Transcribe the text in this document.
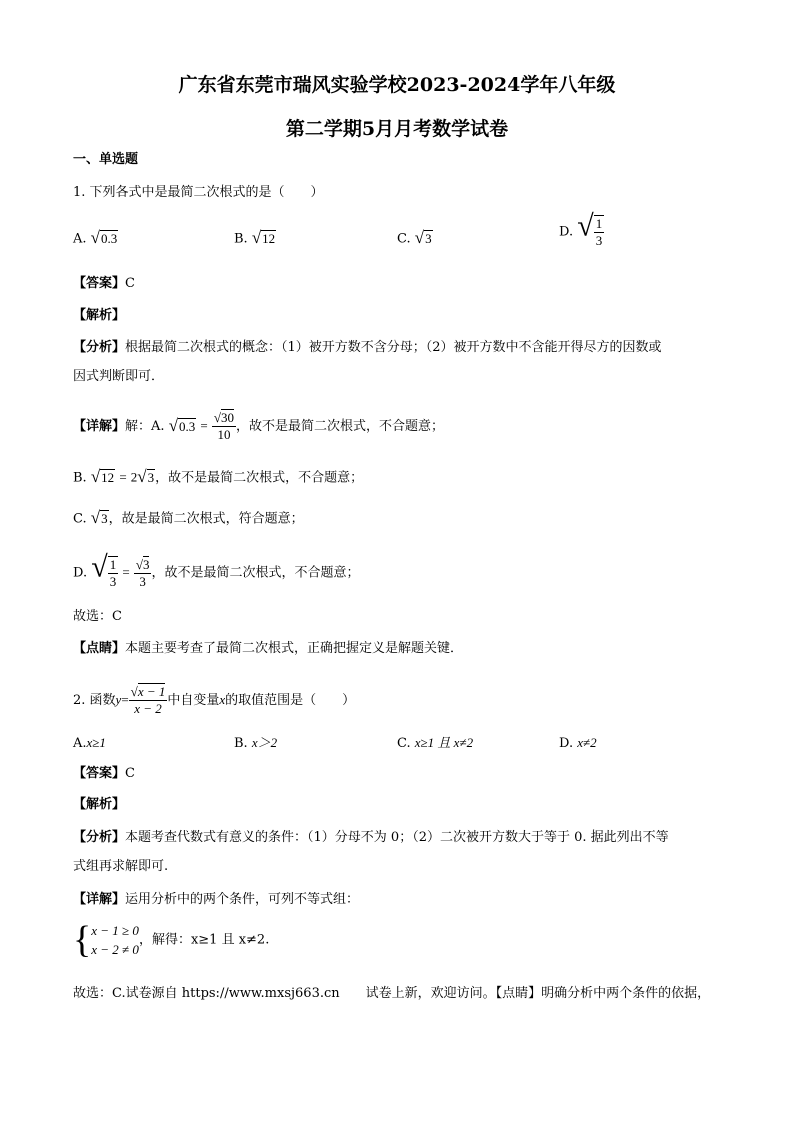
广东省东莞市瑞风实验学校2023-2024学年八年级
第二学期5月月考数学试卷
一、单选题
1. 下列各式中是最简二次根式的是（　　）
A. √0.3	B. √12	C. √3	D. √ $\frac{1}{3}$
【答案】C
【解析】
【分析】根据最简二次根式的概念：（1）被开方数不含分母；（2）被开方数中不含能开得尽方的因数或
因式判断即可．
【详解】解：A. $√0.3 = \frac{√30}{10}$ ，故不是最简二次根式，不合题意；
B. √12 = 2√3，故不是最简二次根式，不合题意；
C. √3，故是最简二次根式，符合题意；
D. √ $\frac{1}{3} = \frac{√3}{3}$ ，故不是最简二次根式，不合题意；
故选：C
【点睛】本题主要考查了最简二次根式，正确把握定义是解题关键．
2. 函数$y= \frac{√x - 1}{x - 2}$ 中自变量x的取值范围是（　　）
A.x≥1	B. x＞2	C. x≥1 且 x≠2	D. x≠2
【答案】C
【解析】
【分析】本题考查代数式有意义的条件：（1）分母不为 0；（2）二次被开方数大于等于 0. 据此列出不等
式组再求解即可.
【详解】运用分析中的两个条件，可列不等式组：
{ x − 1 ≥ 0
x − 2 ≠ 0
，解得：x≥1 且 x≠2.
故选：C.试卷源自 https://www.mxsj663.cn　　试卷上新，欢迎访问。【点睛】明确分析中两个条件的依据，
